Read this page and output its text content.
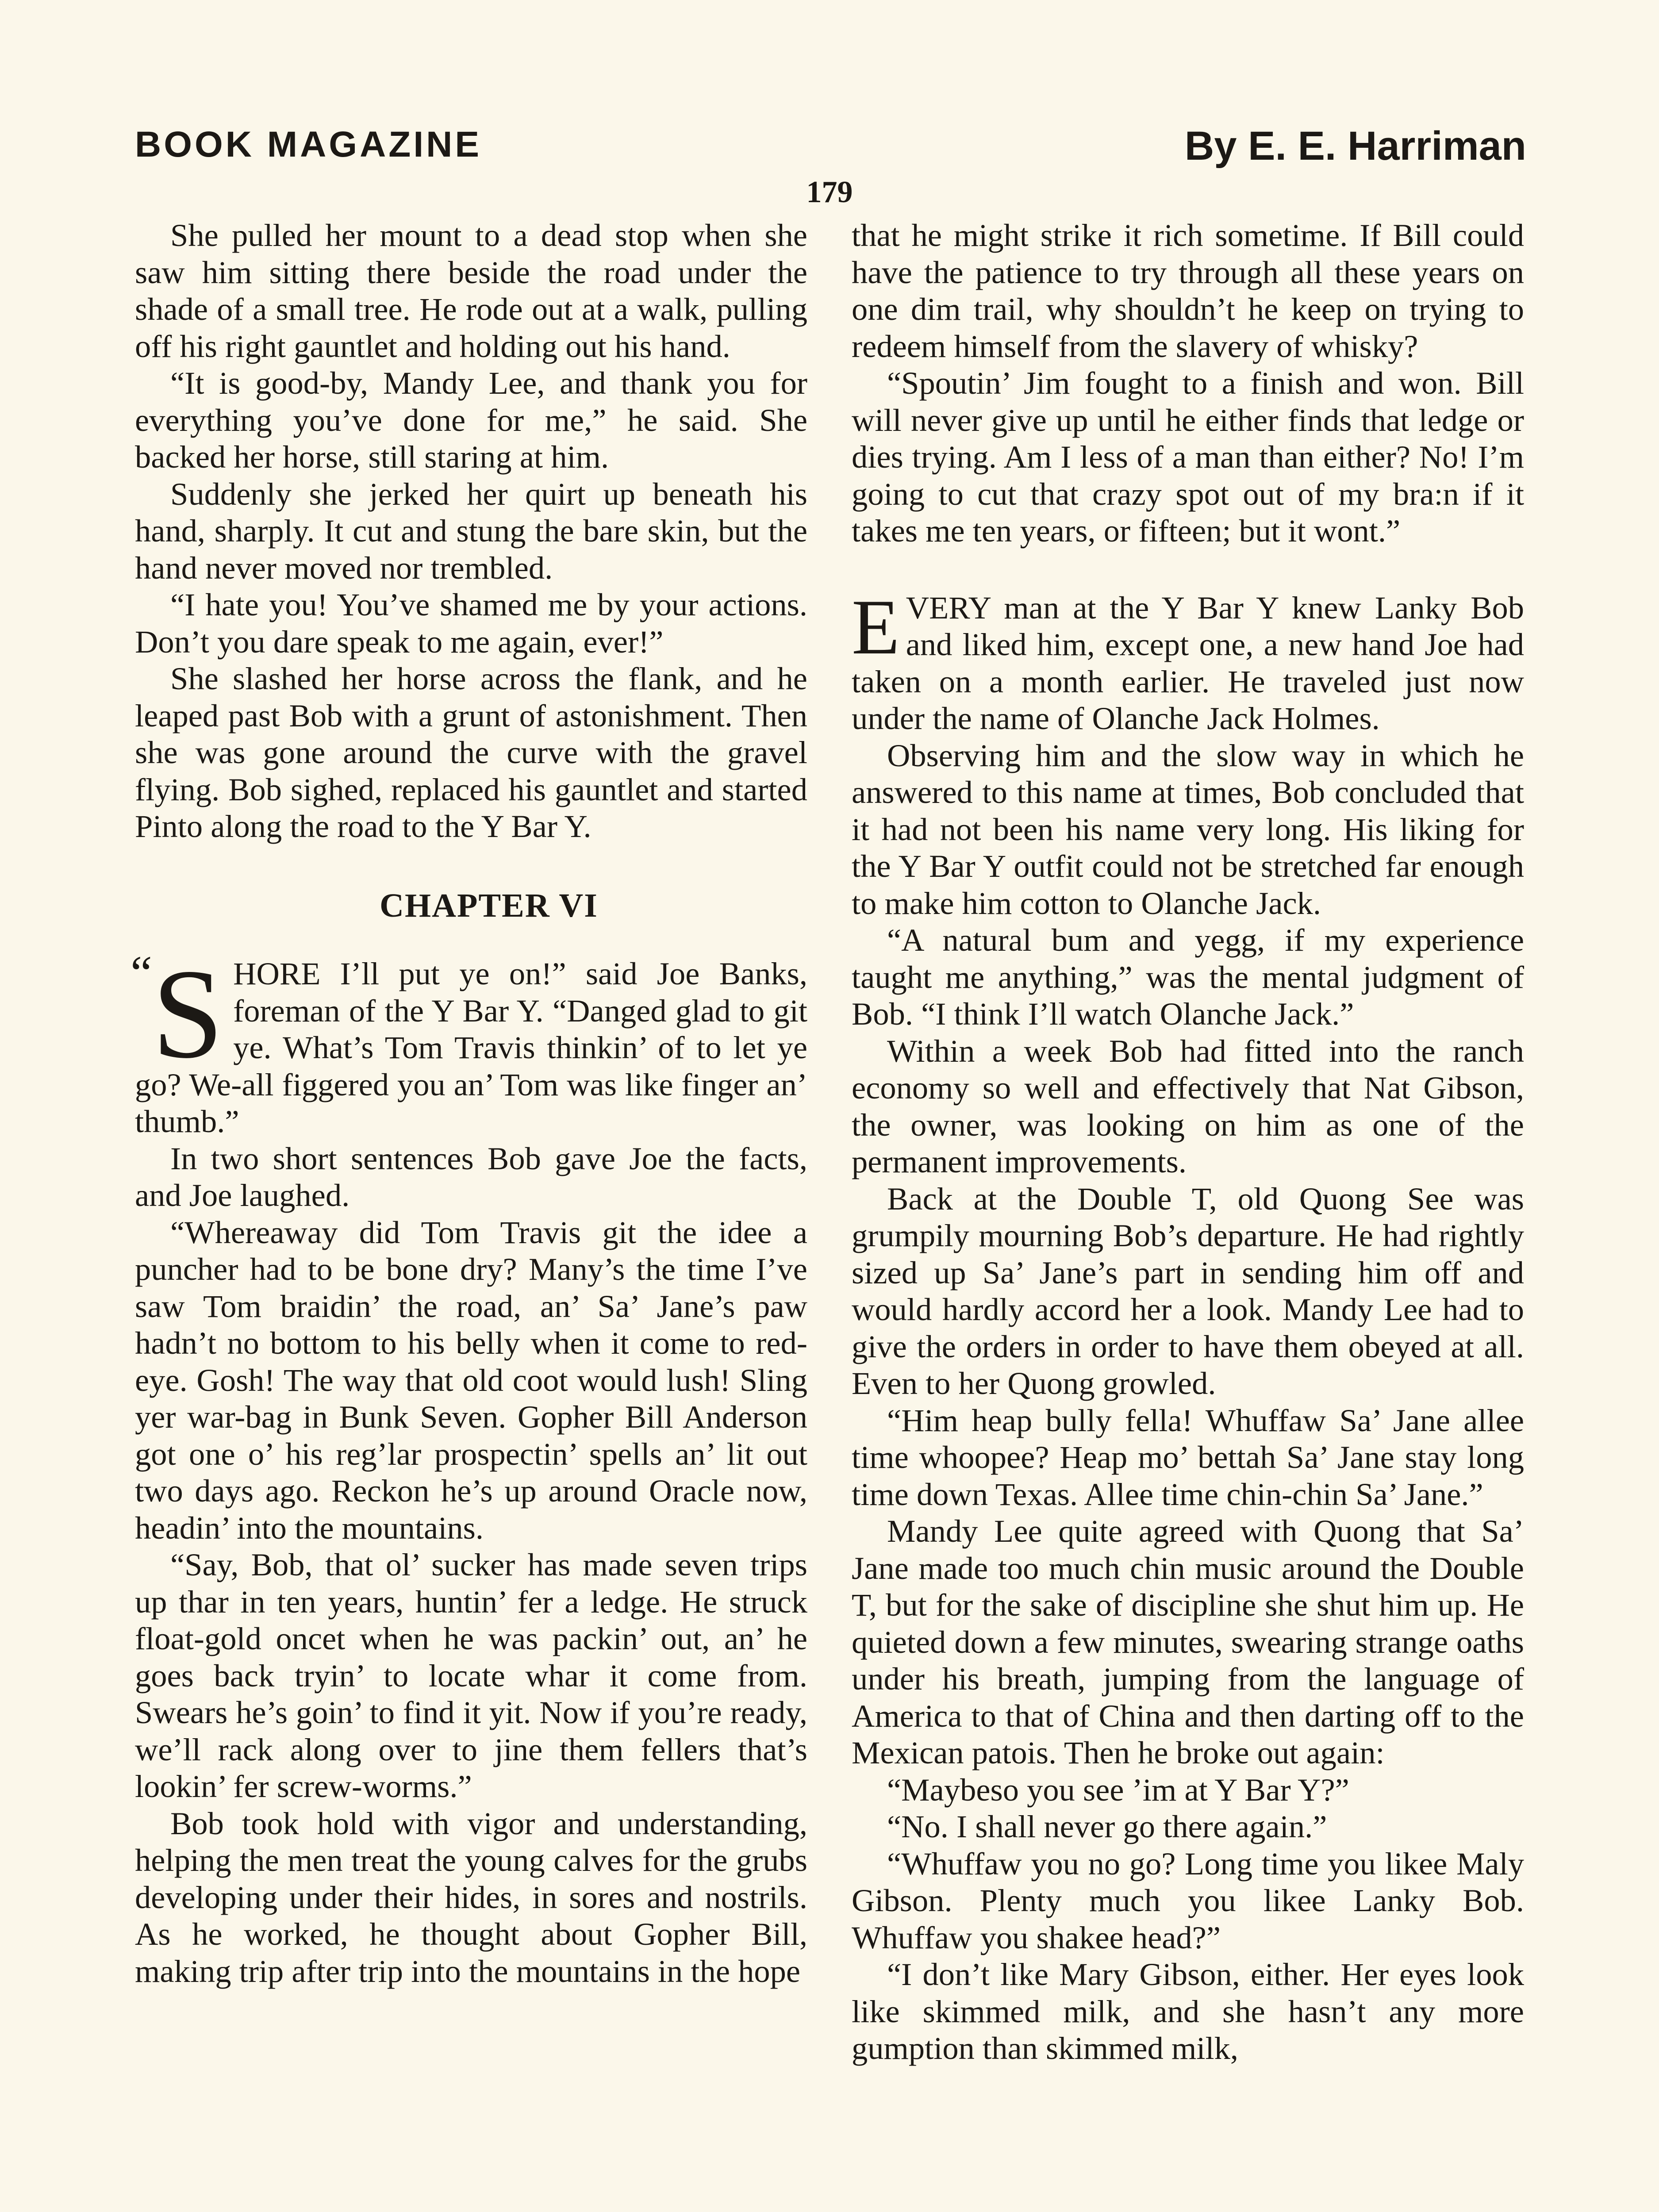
BOOK MAGAZINE	By E. E. Harriman
179

She pulled her mount to a dead stop when she saw him sitting there beside the road under the shade of a small tree. He rode out at a walk, pulling off his right gauntlet and holding out his hand.

“It is good-by, Mandy Lee, and thank you for everything you’ve done for me,” he said. She backed her horse, still staring at him.

Suddenly she jerked her quirt up beneath his hand, sharply. It cut and stung the bare skin, but the hand never moved nor trembled.

“I hate you! You’ve shamed me by your actions. Don’t you dare speak to me again, ever!”

She slashed her horse across the flank, and he leaped past Bob with a grunt of astonishment. Then she was gone around the curve with the gravel flying. Bob sighed, replaced his gauntlet and started Pinto along the road to the Y Bar Y.

CHAPTER VI

“ S HORE I’ll put ye on!” said Joe Banks, foreman of the Y Bar Y. “Danged glad to git ye. What’s Tom Travis thinkin’ of to let ye go? We-all figgered you an’ Tom was like finger an’ thumb.”

In two short sentences Bob gave Joe the facts, and Joe laughed.

“Whereaway did Tom Travis git the idee a puncher had to be bone dry? Many’s the time I’ve saw Tom braidin’ the road, an’ Sa’ Jane’s paw hadn’t no bottom to his belly when it come to red-eye. Gosh! The way that old coot would lush! Sling yer war-bag in Bunk Seven. Gopher Bill Anderson got one o’ his reg’lar prospectin’ spells an’ lit out two days ago. Reckon he’s up around Oracle now, headin’ into the mountains.

“Say, Bob, that ol’ sucker has made seven trips up thar in ten years, huntin’ fer a ledge. He struck float-gold oncet when he was packin’ out, an’ he goes back tryin’ to locate whar it come from. Swears he’s goin’ to find it yit. Now if you’re ready, we’ll rack along over to jine them fellers that’s lookin’ fer screw-worms.”

Bob took hold with vigor and understanding, helping the men treat the young calves for the grubs developing under their hides, in sores and nostrils. As he worked, he thought about Gopher Bill, making trip after trip into the mountains in the hope

that he might strike it rich sometime. If Bill could have the patience to try through all these years on one dim trail, why shouldn’t he keep on trying to redeem himself from the slavery of whisky?

“Spoutin’ Jim fought to a finish and won. Bill will never give up until he either finds that ledge or dies trying. Am I less of a man than either? No! I’m going to cut that crazy spot out of my bra:n if it takes me ten years, or fifteen; but it wont.”

EVERY man at the Y Bar Y knew Lanky Bob and liked him, except one, a new hand Joe had taken on a month earlier. He traveled just now under the name of Olanche Jack Holmes.

Observing him and the slow way in which he answered to this name at times, Bob concluded that it had not been his name very long. His liking for the Y Bar Y outfit could not be stretched far enough to make him cotton to Olanche Jack.

“A natural bum and yegg, if my experience taught me anything,” was the mental judgment of Bob. “I think I’ll watch Olanche Jack.”

Within a week Bob had fitted into the ranch economy so well and effectively that Nat Gibson, the owner, was looking on him as one of the permanent improvements.

Back at the Double T, old Quong See was grumpily mourning Bob’s departure. He had rightly sized up Sa’ Jane’s part in sending him off and would hardly accord her a look. Mandy Lee had to give the orders in order to have them obeyed at all. Even to her Quong growled.

“Him heap bully fella! Whuffaw Sa’ Jane allee time whoopee? Heap mo’ bettah Sa’ Jane stay long time down Texas. Allee time chin-chin Sa’ Jane.”

Mandy Lee quite agreed with Quong that Sa’ Jane made too much chin music around the Double T, but for the sake of discipline she shut him up. He quieted down a few minutes, swearing strange oaths under his breath, jumping from the language of America to that of China and then darting off to the Mexican patois. Then he broke out again:

“Maybeso you see ’im at Y Bar Y?”

“No. I shall never go there again.”

“Whuffaw you no go? Long time you likee Maly Gibson. Plenty much you likee Lanky Bob. Whuffaw you shakee head?”

“I don’t like Mary Gibson, either. Her eyes look like skimmed milk, and she hasn’t any more gumption than skimmed milk,
